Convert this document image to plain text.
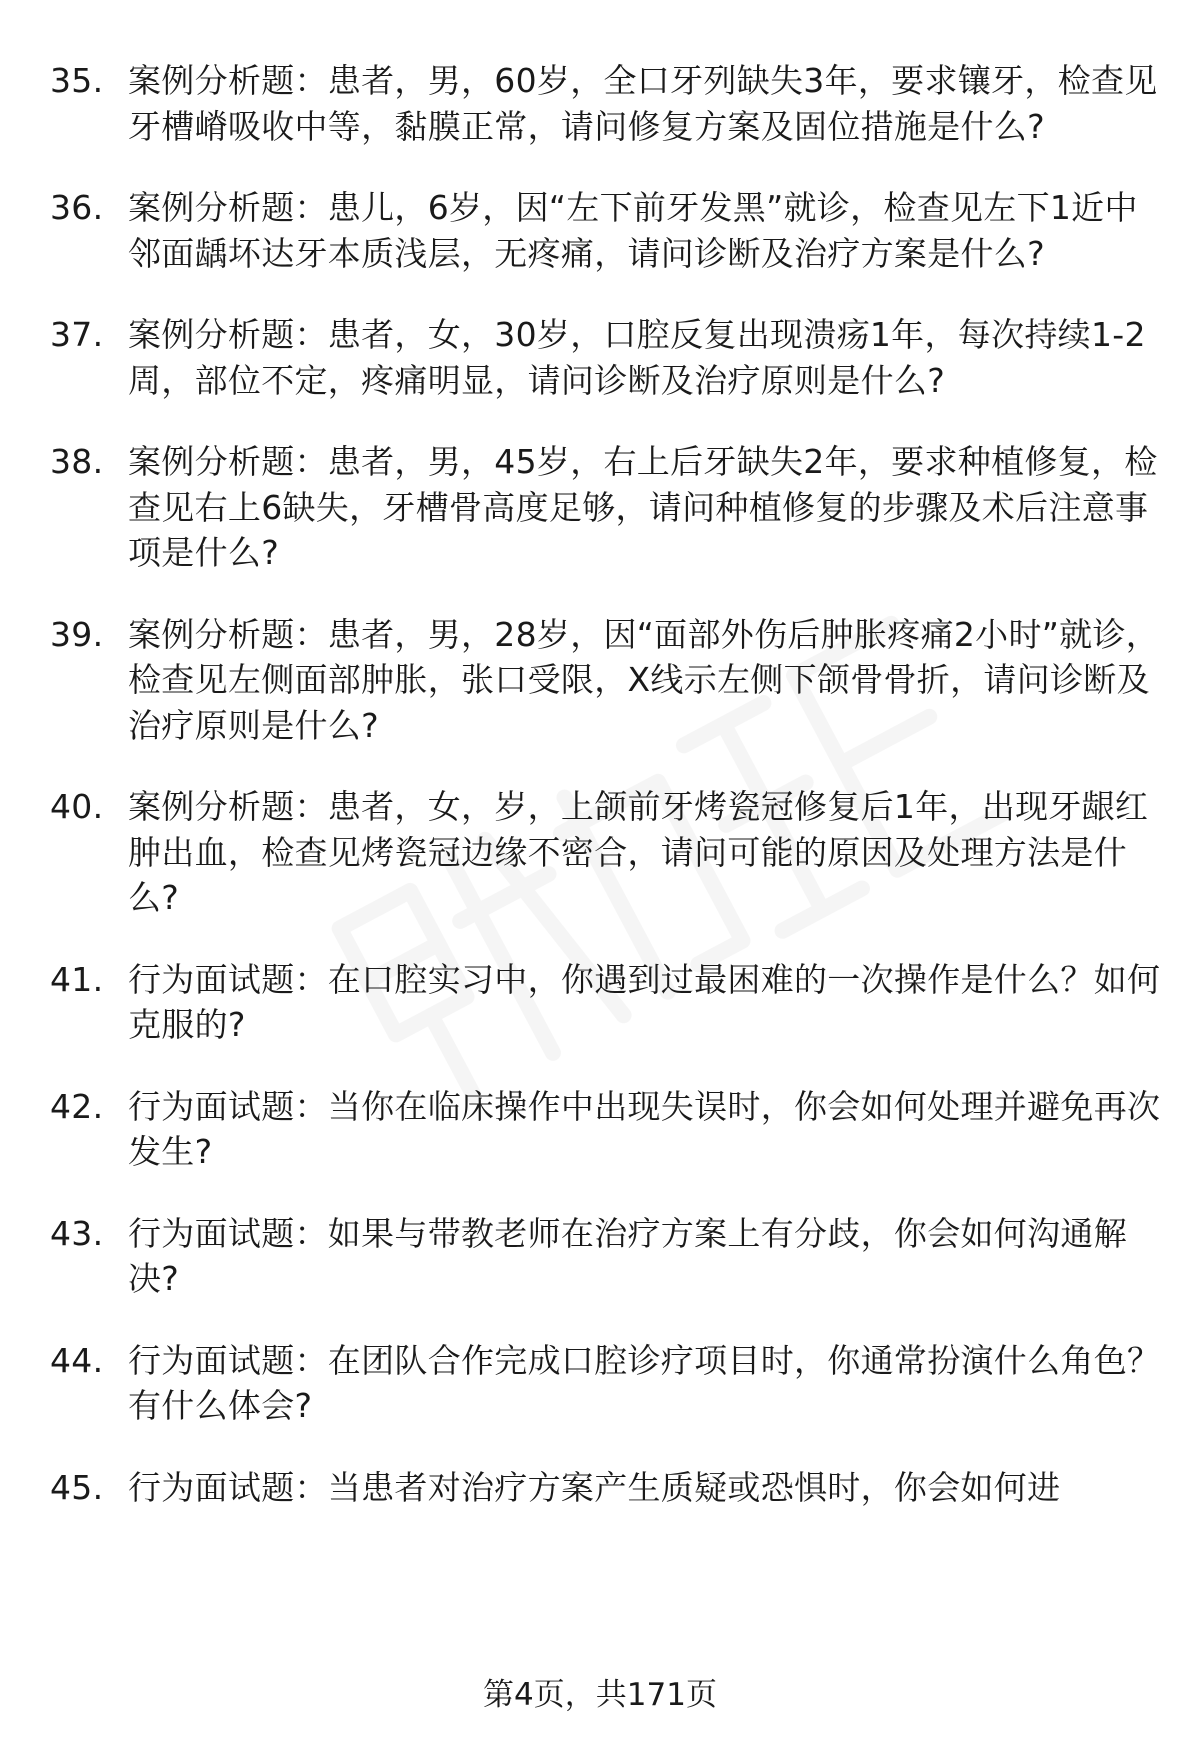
35. 案例分析题：患者，男，60岁，全口牙列缺失3年，要求镶牙，检查见牙槽嵴吸收中等，黏膜正常，请问修复方案及固位措施是什么?
36. 案例分析题：患儿，6岁，因“左下前牙发黑”就诊，检查见左下1近中邻面龋坏达牙本质浅层，无疼痛，请问诊断及治疗方案是什么?
37. 案例分析题：患者，女，30岁，口腔反复出现溃疡1年，每次持续1-2周，部位不定，疼痛明显，请问诊断及治疗原则是什么?
38. 案例分析题：患者，男，45岁，右上后牙缺失2年，要求种植修复，检查见右上6缺失，牙槽骨高度足够，请问种植修复的步骤及术后注意事项是什么?
39. 案例分析题：患者，男，28岁，因“面部外伤后肿胀疼痛2小时”就诊，检查见左侧面部肿胀，张口受限，X线示左侧下颌骨骨折，请问诊断及治疗原则是什么?
40. 案例分析题：患者，女，岁，上颌前牙烤瓷冠修复后1年，出现牙龈红肿出血，检查见烤瓷冠边缘不密合，请问可能的原因及处理方法是什么?
41. 行为面试题：在口腔实习中，你遇到过最困难的一次操作是什么？如何克服的?
42. 行为面试题：当你在临床操作中出现失误时，你会如何处理并避免再次发生?
43. 行为面试题：如果与带教老师在治疗方案上有分歧，你会如何沟通解决?
44. 行为面试题：在团队合作完成口腔诊疗项目时，你通常扮演什么角色？有什么体会?
45. 行为面试题：当患者对治疗方案产生质疑或恐惧时，你会如何进
第4页，共171页
